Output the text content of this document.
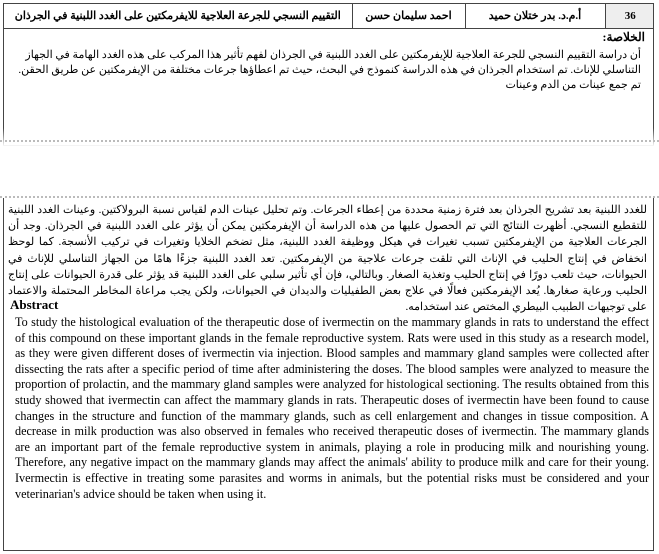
التقييم النسجي للجرعة العلاجية للايفرمكتين على الغدد اللبنية في الجرذان	احمد سليمان حسن	أ.م.د. بدر ختلان حميد	36
الخلاصة:
أن دراسة التقييم النسجي للجرعة العلاجية للإيفرمكتين على الغدد اللبنية في الجرذان لفهم تأثير هذا المركب على هذه الغدد الهامة في الجهاز التناسلي للإناث. تم استخدام الجرذان في هذه الدراسة كنموذج في البحث، حيث تم اعطاؤها جرعات مختلفة من الإيفرمكتين عن طريق الحقن. تم جمع عينات من الدم وعينات
للغدد اللبنية بعد تشريح الجرذان بعد فترة زمنية محددة من إعطاء الجرعات. وتم تحليل عينات الدم لقياس نسبة البرولاكتين. وعينات الغدد اللبنية للتقطيع النسجي. أظهرت النتائج التي تم الحصول عليها من هذه الدراسة أن الإيفرمكتين يمكن أن يؤثر على الغدد اللبنية في الجرذان. وجد أن الجرعات العلاجية من الإيفرمكتين تسبب تغيرات في هيكل ووظيفة الغدد اللبنية، مثل تضخم الخلايا وتغيرات في تركيب الأنسجة. كما لوحظ انخفاض في إنتاج الحليب في الإناث التي تلقت جرعات علاجية من الإيفرمكتين. تعد الغدد اللبنية جزءًا هامًا من الجهاز التناسلي للإناث في الحيوانات، حيث تلعب دورًا في إنتاج الحليب وتغذية الصغار. وبالتالي، فإن أي تأثير سلبي على الغدد اللبنية قد يؤثر على قدرة الحيوانات على إنتاج الحليب ورعاية صغارها. يُعد الإيفرمكتين فعالًا في علاج بعض الطفيليات والديدان في الحيوانات، ولكن يجب مراعاة المخاطر المحتملة والاعتماد على توجيهات الطبيب البيطري المختص عند استخدامه.
Abstract
To study the histological evaluation of the therapeutic dose of ivermectin on the mammary glands in rats to understand the effect of this compound on these important glands in the female reproductive system. Rats were used in this study as a research model, as they were given different doses of ivermectin via injection. Blood samples and mammary gland samples were collected after dissecting the rats after a specific period of time after administering the doses. The blood samples were analyzed to measure the proportion of prolactin, and the mammary gland samples were analyzed for histological sectioning. The results obtained from this study showed that ivermectin can affect the mammary glands in rats. Therapeutic doses of ivermectin have been found to cause changes in the structure and function of the mammary glands, such as cell enlargement and changes in tissue composition. A decrease in milk production was also observed in females who received therapeutic doses of ivermectin. The mammary glands are an important part of the female reproductive system in animals, playing a role in producing milk and nourishing young. Therefore, any negative impact on the mammary glands may affect the animals' ability to produce milk and care for their young. Ivermectin is effective in treating some parasites and worms in animals, but the potential risks must be considered and your veterinarian's advice should be taken when using it.
